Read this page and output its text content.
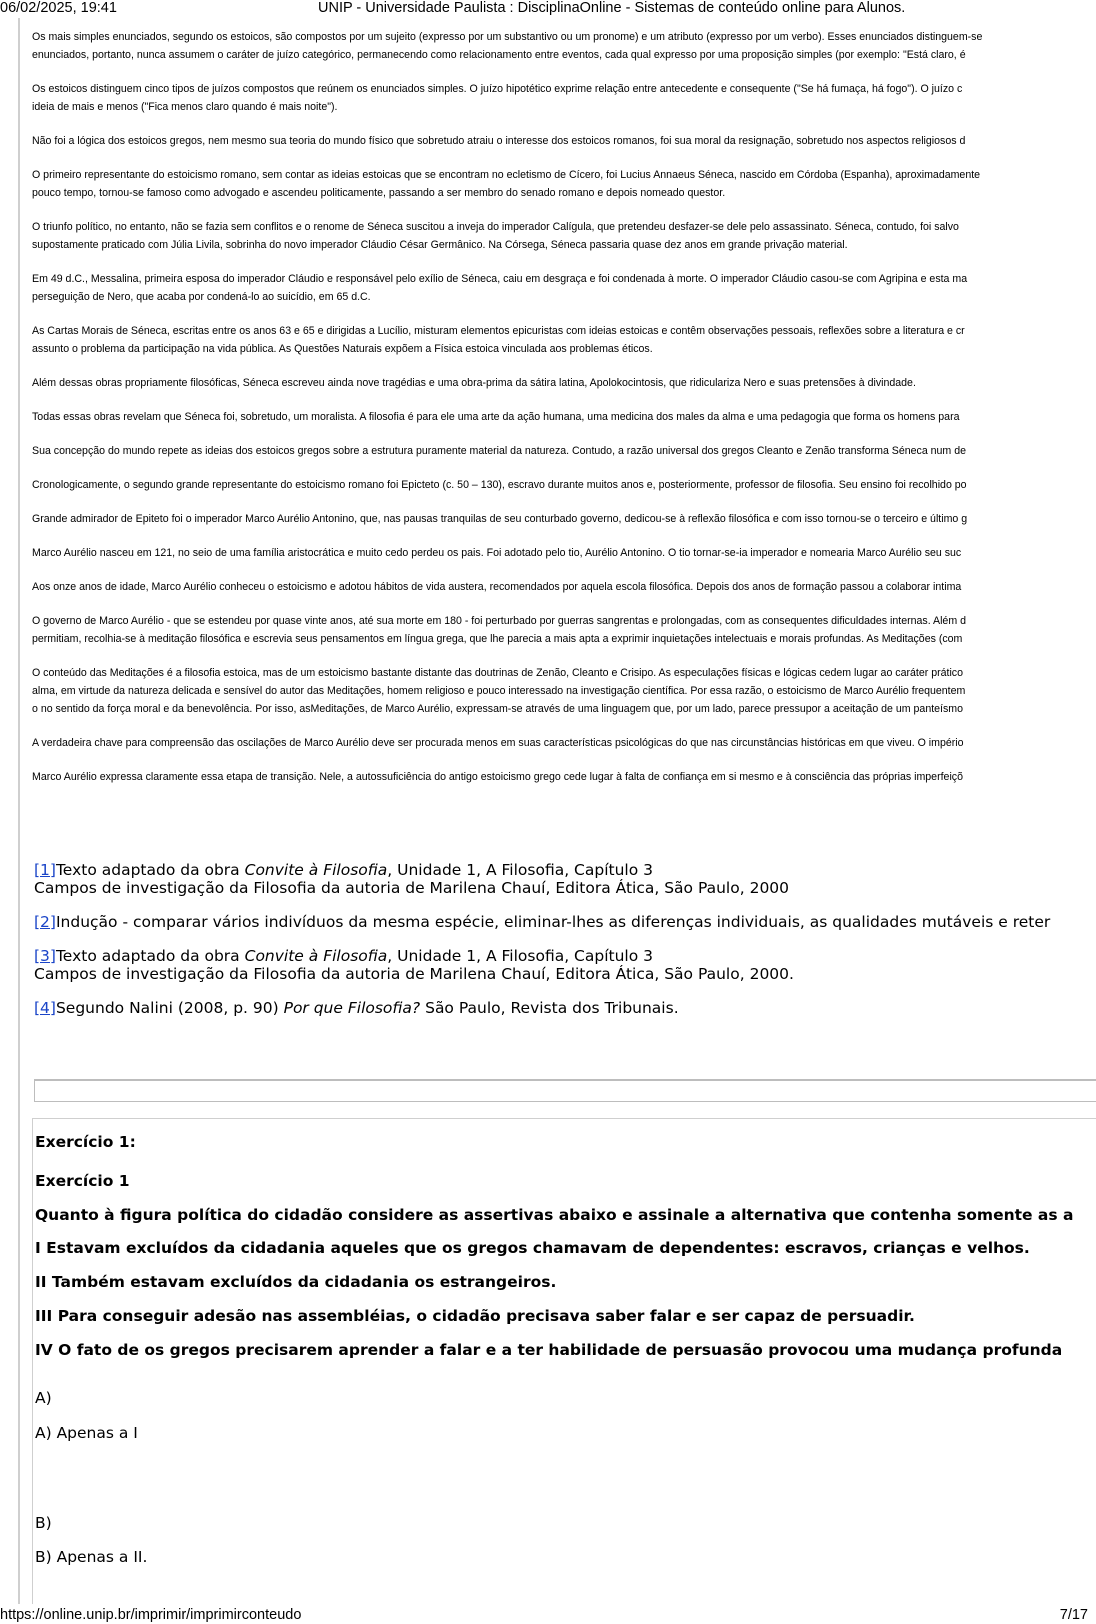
06/02/2025, 19:41	UNIP - Universidade Paulista : DisciplinaOnline - Sistemas de conteúdo online para Alunos.
Os mais simples enunciados, segundo os estoicos, são compostos por um sujeito (expresso por um substantivo ou um pronome) e um atributo (expresso por um verbo). Esses enunciados distinguem-se
enunciados, portanto, nunca assumem o caráter de juízo categórico, permanecendo como relacionamento entre eventos, cada qual expresso por uma proposição simples (por exemplo: "Está claro, é
Os estoicos distinguem cinco tipos de juízos compostos que reúnem os enunciados simples. O juízo hipotético exprime relação entre antecedente e consequente ("Se há fumaça, há fogo"). O juízo c
ideia de mais e menos ("Fica menos claro quando é mais noite").
Não foi a lógica dos estoicos gregos, nem mesmo sua teoria do mundo físico que sobretudo atraiu o interesse dos estoicos romanos, foi sua moral da resignação, sobretudo nos aspectos religiosos d
O primeiro representante do estoicismo romano, sem contar as ideias estoicas que se encontram no ecletismo de Cícero, foi Lucius Annaeus Séneca, nascido em Córdoba (Espanha), aproximadamente
pouco tempo, tornou-se famoso como advogado e ascendeu politicamente, passando a ser membro do senado romano e depois nomeado questor.
O triunfo político, no entanto, não se fazia sem conflitos e o renome de Séneca suscitou a inveja do imperador Calígula, que pretendeu desfazer-se dele pelo assassinato. Séneca, contudo, foi salvo
supostamente praticado com Júlia Livila, sobrinha do novo imperador Cláudio César Germânico. Na Córsega, Séneca passaria quase dez anos em grande privação material.
Em 49 d.C., Messalina, primeira esposa do imperador Cláudio e responsável pelo exílio de Séneca, caiu em desgraça e foi condenada à morte. O imperador Cláudio casou-se com Agripina e esta ma
perseguição de Nero, que acaba por condená-lo ao suicídio, em 65 d.C.
As Cartas Morais de Séneca, escritas entre os anos 63 e 65 e dirigidas a Lucílio, misturam elementos epicuristas com ideias estoicas e contêm observações pessoais, reflexões sobre a literatura e cr
assunto o problema da participação na vida pública. As Questões Naturais expõem a Física estoica vinculada aos problemas éticos.
Além dessas obras propriamente filosóficas, Séneca escreveu ainda nove tragédias e uma obra-prima da sátira latina, Apolokocintosis, que ridiculariza Nero e suas pretensões à divindade.
Todas essas obras revelam que Séneca foi, sobretudo, um moralista. A filosofia é para ele uma arte da ação humana, uma medicina dos males da alma e uma pedagogia que forma os homens para
Sua concepção do mundo repete as ideias dos estoicos gregos sobre a estrutura puramente material da natureza. Contudo, a razão universal dos gregos Cleanto e Zenão transforma Séneca num de
Cronologicamente, o segundo grande representante do estoicismo romano foi Epicteto (c. 50 – 130), escravo durante muitos anos e, posteriormente, professor de filosofia. Seu ensino foi recolhido po
Grande admirador de Epiteto foi o imperador Marco Aurélio Antonino, que, nas pausas tranquilas de seu conturbado governo, dedicou-se à reflexão filosófica e com isso tornou-se o terceiro e último g
Marco Aurélio nasceu em 121, no seio de uma família aristocrática e muito cedo perdeu os pais. Foi adotado pelo tio, Aurélio Antonino. O tio tornar-se-ia imperador e nomearia Marco Aurélio seu suc
Aos onze anos de idade, Marco Aurélio conheceu o estoicismo e adotou hábitos de vida austera, recomendados por aquela escola filosófica. Depois dos anos de formação passou a colaborar intima
O governo de Marco Aurélio - que se estendeu por quase vinte anos, até sua morte em 180 - foi perturbado por guerras sangrentas e prolongadas, com as consequentes dificuldades internas. Além d
permitiam, recolhia-se à meditação filosófica e escrevia seus pensamentos em língua grega, que lhe parecia a mais apta a exprimir inquietações intelectuais e morais profundas. As Meditações (com
O conteúdo das Meditações é a filosofia estoica, mas de um estoicismo bastante distante das doutrinas de Zenão, Cleanto e Crisipo. As especulações físicas e lógicas cedem lugar ao caráter prático
alma, em virtude da natureza delicada e sensível do autor das Meditações, homem religioso e pouco interessado na investigação científica. Por essa razão, o estoicismo de Marco Aurélio frequentem
o no sentido da força moral e da benevolência. Por isso, asMeditações, de Marco Aurélio, expressam-se através de uma linguagem que, por um lado, parece pressupor a aceitação de um panteísmo
A verdadeira chave para compreensão das oscilações de Marco Aurélio deve ser procurada menos em suas características psicológicas do que nas circunstâncias históricas em que viveu. O império
Marco Aurélio expressa claramente essa etapa de transição. Nele, a autossuficiência do antigo estoicismo grego cede lugar à falta de confiança em si mesmo e à consciência das próprias imperfeiçõ
[1]Texto adaptado da obra Convite à Filosofia, Unidade 1, A Filosofia, Capítulo 3
Campos de investigação da Filosofia da autoria de Marilena Chauí, Editora Ática, São Paulo, 2000
[2]Indução - comparar vários indivíduos da mesma espécie, eliminar-lhes as diferenças individuais, as qualidades mutáveis e reter
[3]Texto adaptado da obra Convite à Filosofia, Unidade 1, A Filosofia, Capítulo 3
Campos de investigação da Filosofia da autoria de Marilena Chauí, Editora Ática, São Paulo, 2000.
[4]Segundo Nalini (2008, p. 90) Por que Filosofia? São Paulo, Revista dos Tribunais.
Exercício 1:
Exercício 1
Quanto à figura política do cidadão considere as assertivas abaixo e assinale a alternativa que contenha somente as a
I Estavam excluídos da cidadania aqueles que os gregos chamavam de dependentes: escravos, crianças e velhos.
II Também estavam excluídos da cidadania os estrangeiros.
III Para conseguir adesão nas assembléias, o cidadão precisava saber falar e ser capaz de persuadir.
IV O fato de os gregos precisarem aprender a falar e a ter habilidade de persuasão provocou uma mudança profunda
A)
A) Apenas a I
B)
B) Apenas a II.
https://online.unip.br/imprimir/imprimirconteudo	7/17
